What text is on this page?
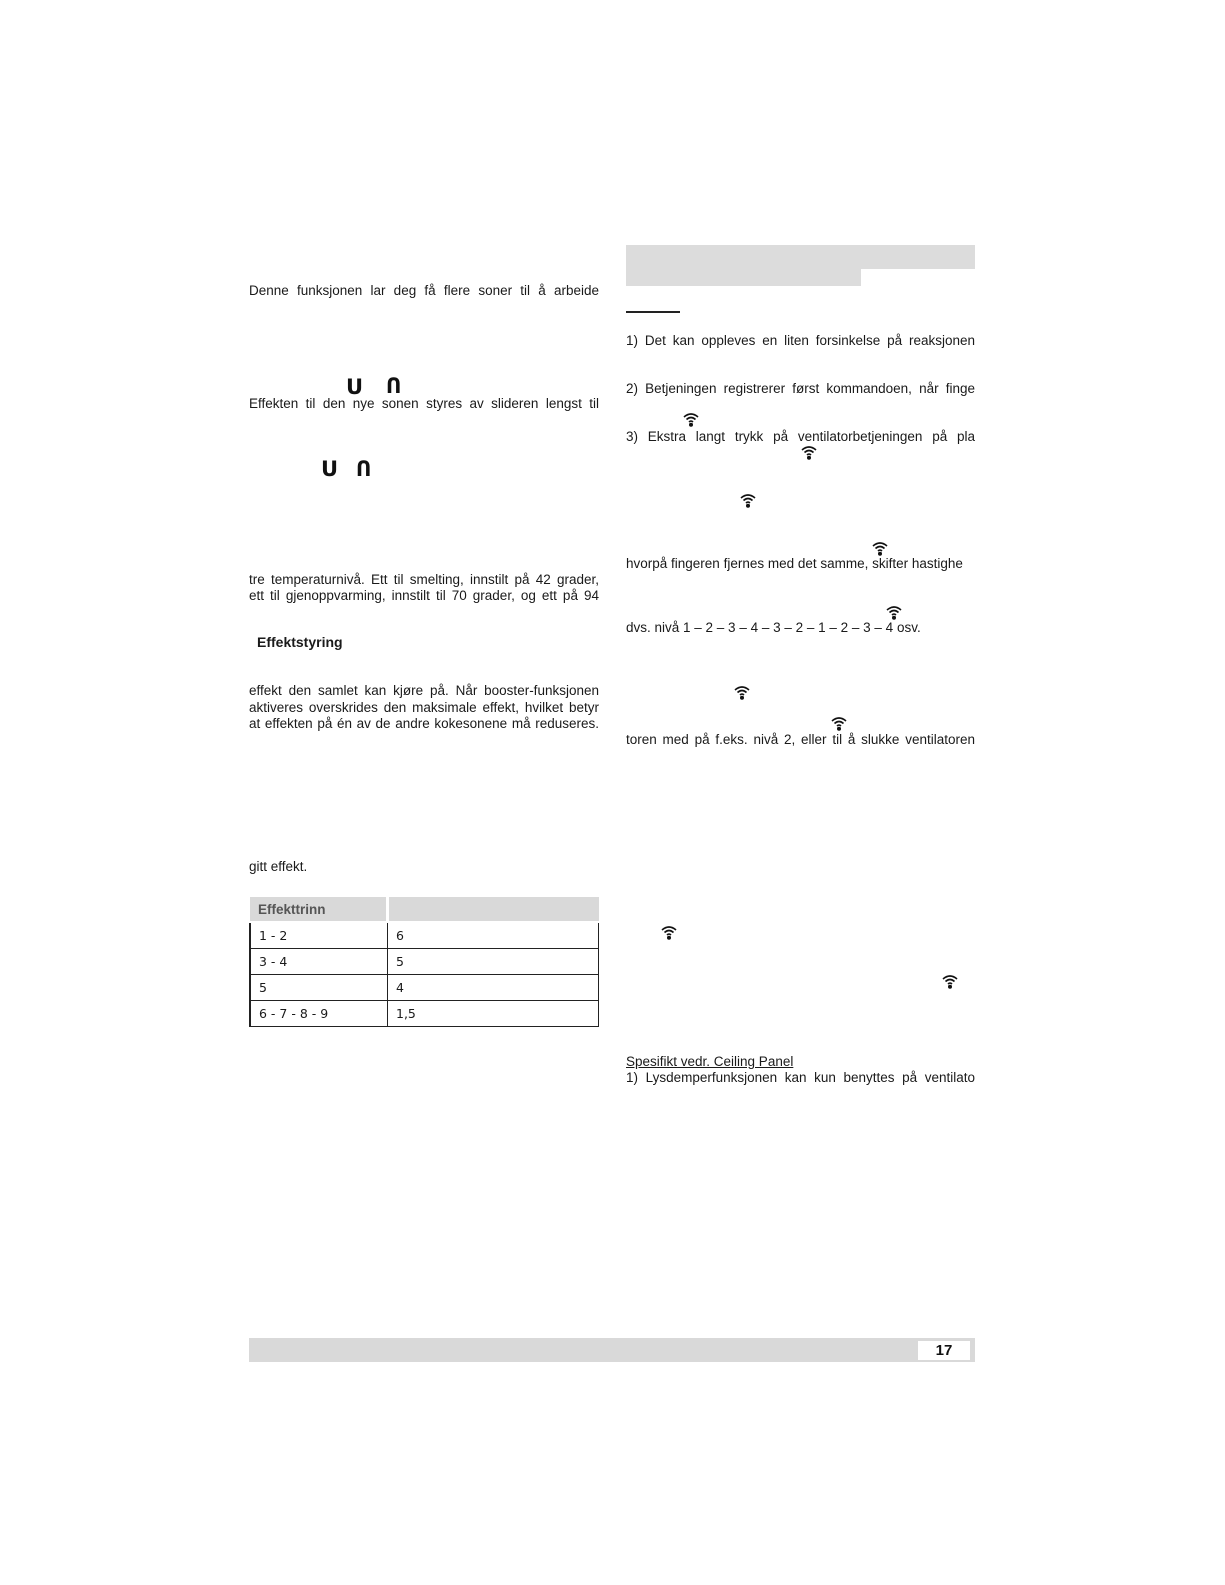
Denne funksjonen lar deg få flere soner til å arbeide

U Ո

Effekten til den nye sonen styres av slideren lengst til

U Ո

tre temperaturnivå. Ett til smelting, innstilt på 42 grader,

ett til gjenoppvarming, innstilt til 70 grader, og ett på 94

Effektstyring

effekt den samlet kan kjøre på. Når booster-funksjonen

aktiveres overskrides den maksimale effekt, hvilket betyr

at effekten på én av de andre kokesonene må reduseres.

gitt effekt.

Effekttrinn	
1 - 2	6
3 - 4	5
5	4
6 - 7 - 8 - 9	1,5

1) Det kan oppleves en liten forsinkelse på reaksjonen

2) Betjeningen registrerer først kommandoen, når finge

3) Ekstra langt trykk på ventilatorbetjeningen på pla

hvorpå fingeren fjernes med det samme, skifter hastighe

dvs. nivå 1 – 2 – 3 – 4 – 3 – 2 – 1 – 2 – 3 – 4 osv.

toren med på f.eks. nivå 2, eller til å slukke ventilatoren

Spesifikt vedr. Ceiling Panel

1) Lysdemperfunksjonen kan kun benyttes på ventilato

17
